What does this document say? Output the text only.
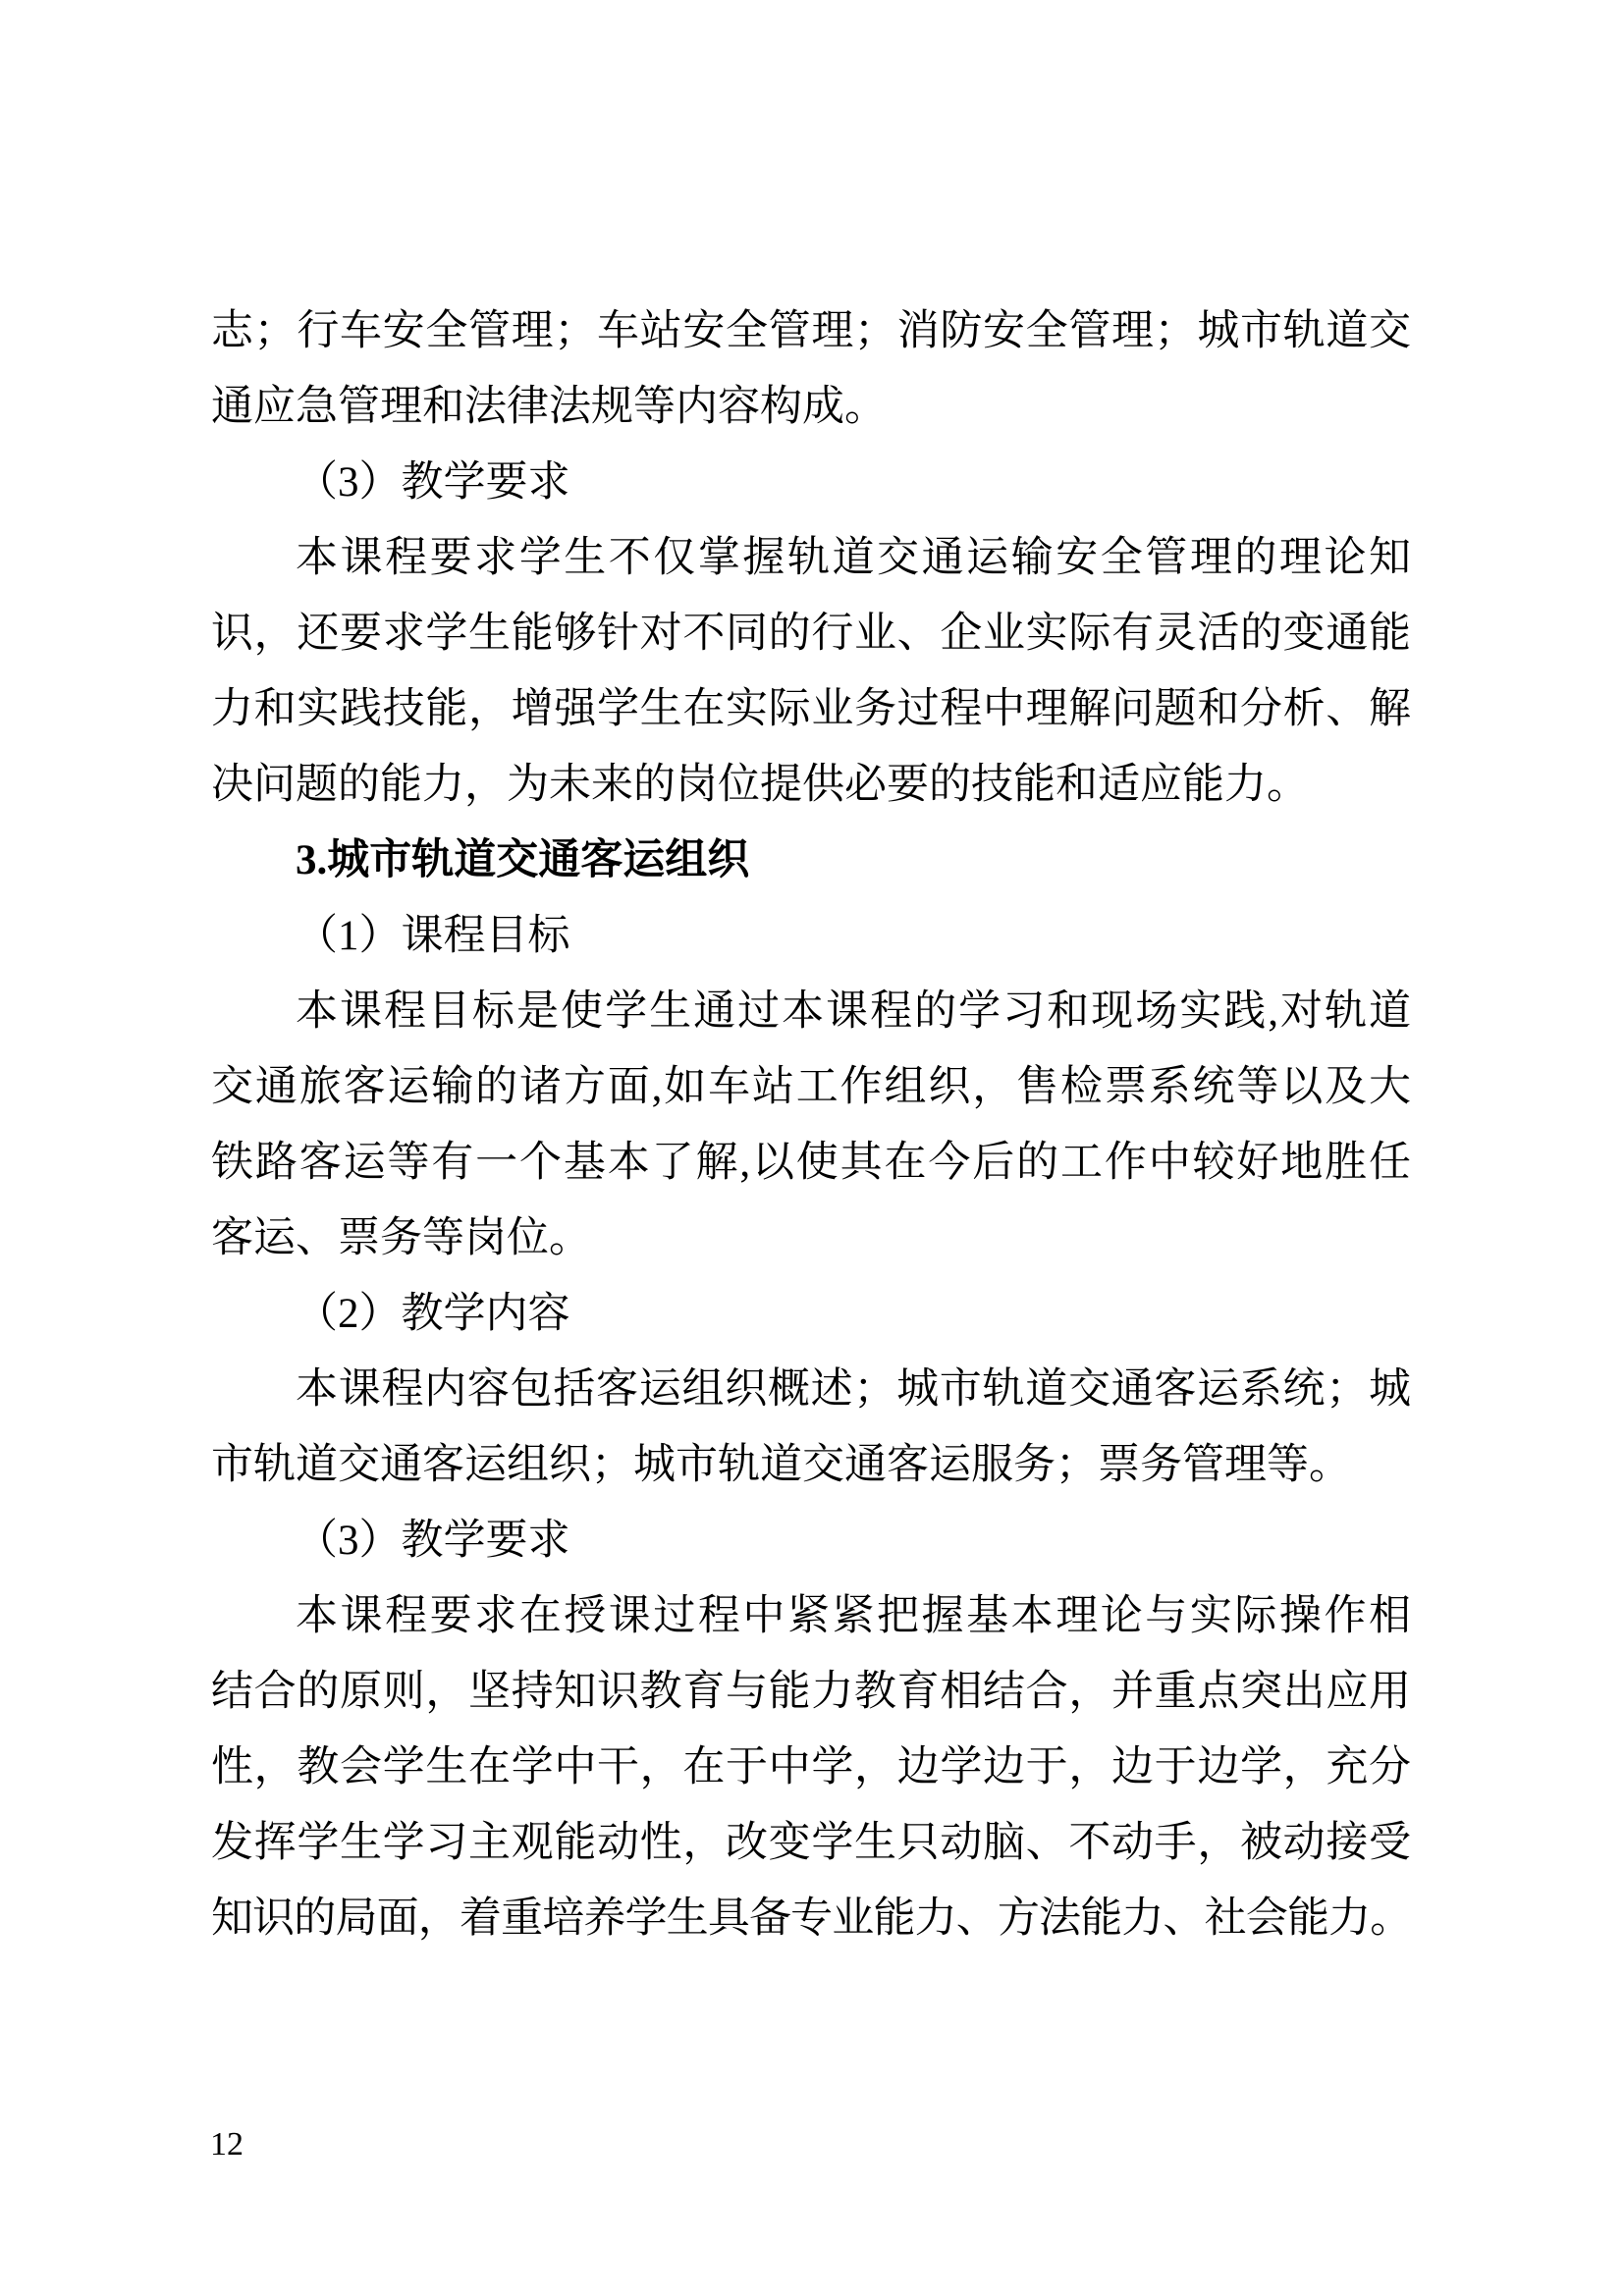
志；行车安全管理；车站安全管理；消防安全管理；城市轨道交
通应急管理和法律法规等内容构成。
（3）教学要求
本课程要求学生不仅掌握轨道交通运输安全管理的理论知
识，还要求学生能够针对不同的行业、企业实际有灵活的变通能
力和实践技能，增强学生在实际业务过程中理解问题和分析、解
决问题的能力，为未来的岗位提供必要的技能和适应能力。
3.城市轨道交通客运组织
（1）课程目标
本课程目标是使学生通过本课程的学习和现场实践,对轨道
交通旅客运输的诸方面,如车站工作组织，售检票系统等以及大
铁路客运等有一个基本了解,以使其在今后的工作中较好地胜任
客运、票务等岗位。
（2）教学内容
本课程内容包括客运组织概述；城市轨道交通客运系统；城
市轨道交通客运组织；城市轨道交通客运服务；票务管理等。
（3）教学要求
本课程要求在授课过程中紧紧把握基本理论与实际操作相
结合的原则，坚持知识教育与能力教育相结合，并重点突出应用
性，教会学生在学中干，在于中学，边学边于，边于边学，充分
发挥学生学习主观能动性，改变学生只动脑、不动手，被动接受
知识的局面，着重培养学生具备专业能力、方法能力、社会能力。
12
